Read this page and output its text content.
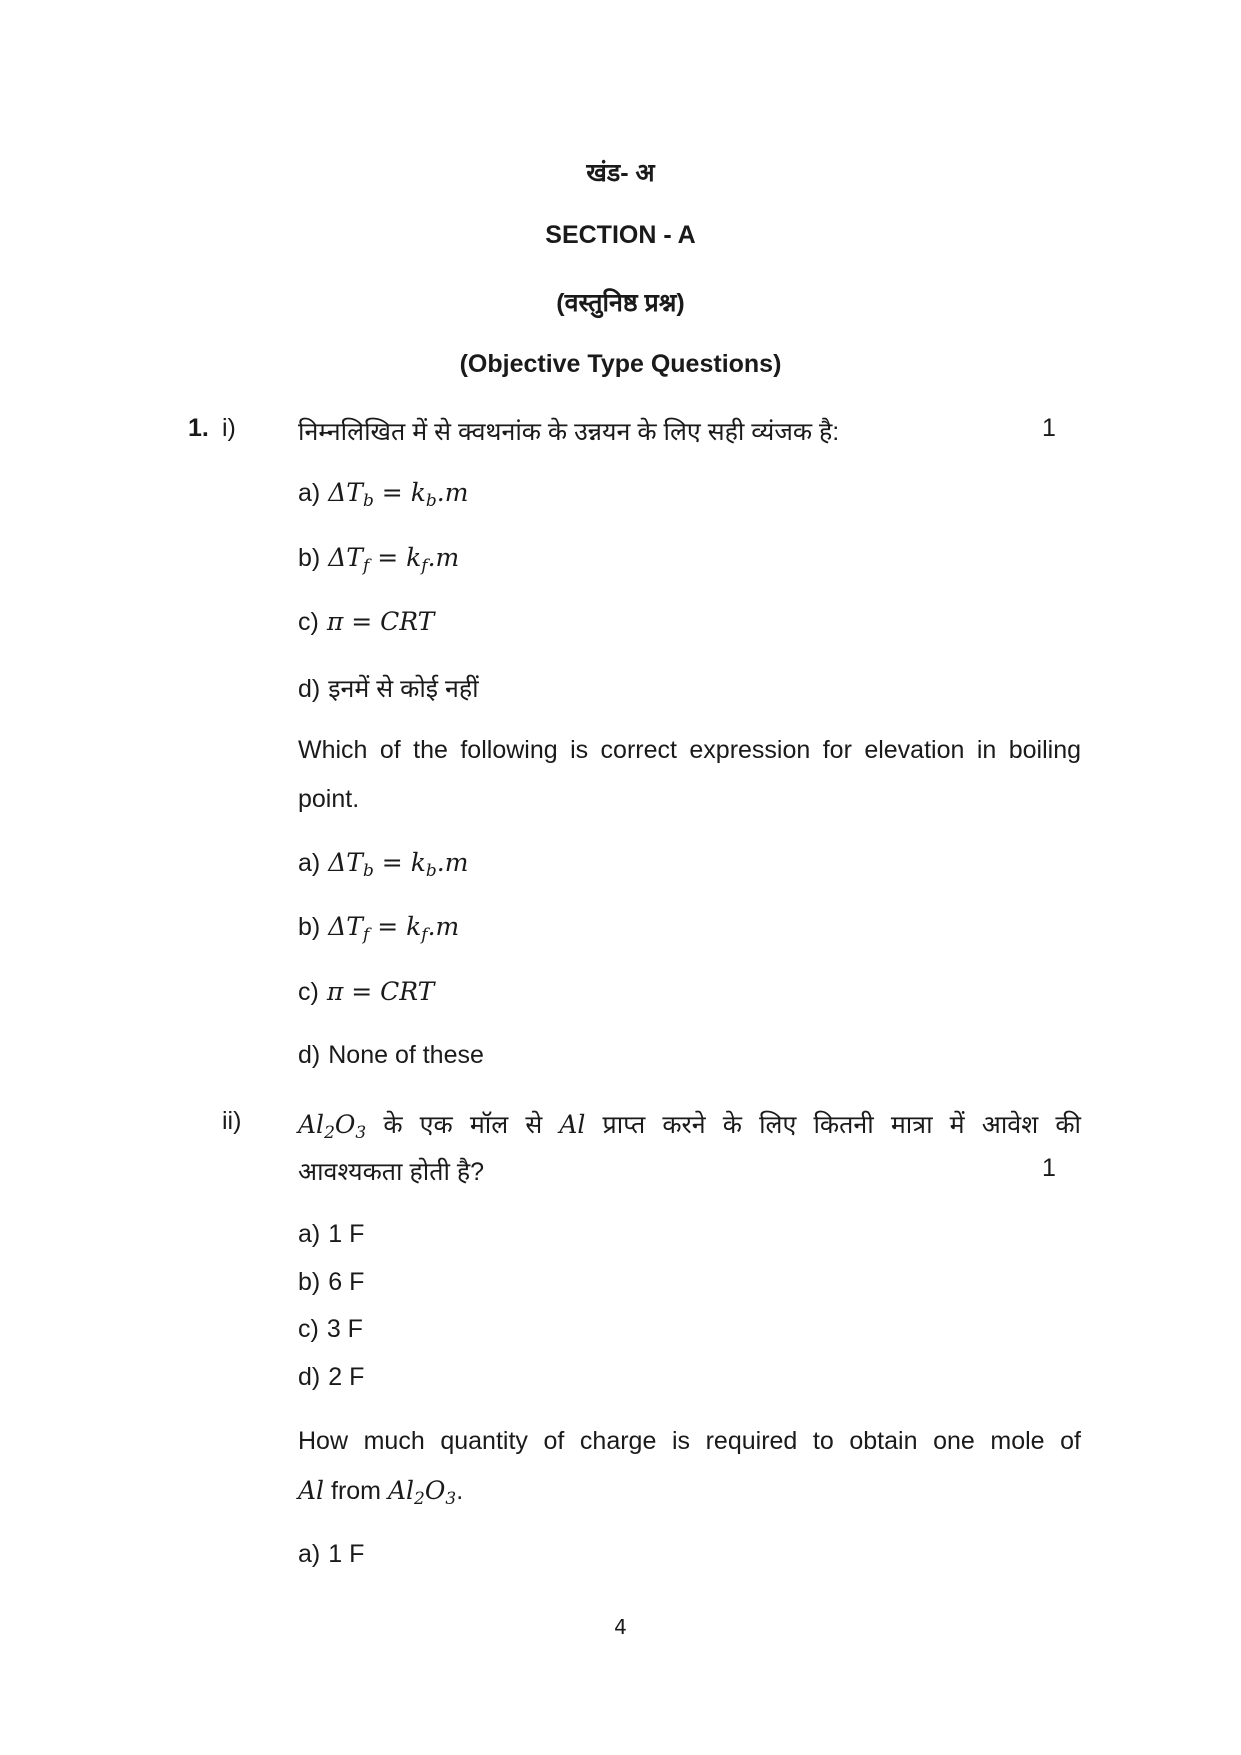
खंड- अ
SECTION - A
(वस्तुनिष्ठ प्रश्न)
(Objective Type Questions)
1. i) निम्नलिखित में से क्वथनांक के उन्नयन के लिए सही व्यंजक है:	1
a) $\Delta T_b = k_b.m$
b) $\Delta T_f = k_f.m$
c) π = CRT
d) इनमें से कोई नहीं
Which of the following is correct expression for elevation in boiling
point.
a) $\Delta T_b = k_b.m$
b) $\Delta T_f = k_f.m$
c) π = CRT
d) None of these
ii) $Al_2O_3$ के एक मॉल से Al प्राप्त करने के लिए कितनी मात्रा में आवेश की
आवश्यकता होती है?	1
a) 1 F
b) 6 F
c) 3 F
d) 2 F
How much quantity of charge is required to obtain one mole of
Al from $Al_2O_3$.
a) 1 F
4
